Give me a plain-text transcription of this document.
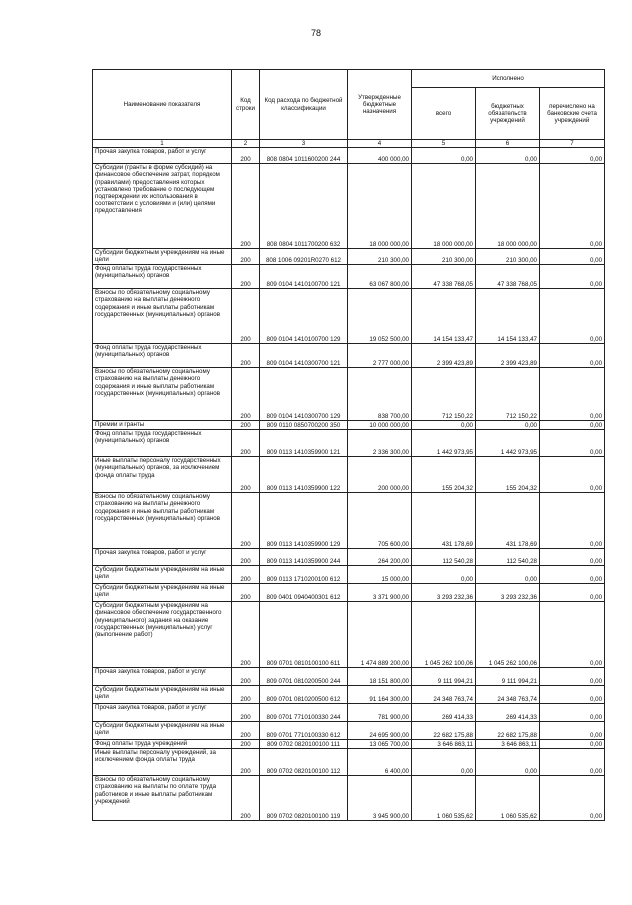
78
Наименование показателя	Код строки	Код расхода по бюджетной классификации	Утвержденные бюджетные назначения	Исполнено		
				всего	бюджетных обязательств учреждений	перечислено на банковские счета учреждений
1	2	3	4	5	6	7
Прочая закупка товаров, работ и услуг	200	808 0804 1011600200 244	400 000,00	0,00	0,00	0,00
Субсидии (гранты в форме субсидий) на финансовое обеспечение затрат, порядком (правилами) предоставления которых установлено требование о последующем подтверждении их использования в соответствии с условиями и (или) целями предоставления	200	808 0804 1011700200 632	18 000 000,00	18 000 000,00	18 000 000,00	0,00
Субсидии бюджетным учреждениям на иные цели	200	808 1006 09201R0270 612	210 300,00	210 300,00	210 300,00	0,00
Фонд оплаты труда государственных (муниципальных) органов	200	809 0104 1410100700 121	63 067 800,00	47 338 768,05	47 338 768,05	0,00
Взносы по обязательному социальному страхованию на выплаты денежного содержания и иные выплаты работникам государственных (муниципальных) органов	200	809 0104 1410100700 129	19 052 500,00	14 154 133,47	14 154 133,47	0,00
Фонд оплаты труда государственных (муниципальных) органов	200	809 0104 1410300700 121	2 777 000,00	2 399 423,89	2 399 423,89	0,00
Взносы по обязательному социальному страхованию на выплаты денежного содержания и иные выплаты работникам государственных (муниципальных) органов	200	809 0104 1410300700 129	838 700,00	712 150,22	712 150,22	0,00
Премии и гранты	200	809 0110 0850700200 350	10 000 000,00	0,00	0,00	0,00
Фонд оплаты труда государственных (муниципальных) органов	200	809 0113 1410359900 121	2 336 300,00	1 442 973,95	1 442 973,95	0,00
Иные выплаты персоналу государственных (муниципальных) органов, за исключением фонда оплаты труда	200	809 0113 1410359900 122	200 000,00	155 204,32	155 204,32	0,00
Взносы по обязательному социальному страхованию на выплаты денежного содержания и иные выплаты работникам государственных (муниципальных) органов	200	809 0113 1410359900 129	705 600,00	431 178,69	431 178,69	0,00
Прочая закупка товаров, работ и услуг	200	809 0113 1410359900 244	264 200,00	112 540,28	112 540,28	0,00
Субсидии бюджетным учреждениям на иные цели	200	809 0113 1710200100 612	15 000,00	0,00	0,00	0,00
Субсидии бюджетным учреждениям на иные цели	200	809 0401 0940400301 612	3 371 900,00	3 293 232,36	3 293 232,36	0,00
Субсидии бюджетным учреждениям на финансовое обеспечение государственного (муниципального) задания на оказание государственных (муниципальных) услуг (выполнение работ)	200	809 0701 0810100100 611	1 474 889 200,00	1 045 262 100,06	1 045 262 100,06	0,00
Прочая закупка товаров, работ и услуг	200	809 0701 0810200500 244	18 151 800,00	9 111 994,21	9 111 994,21	0,00
Субсидии бюджетным учреждениям на иные цели	200	809 0701 0810200500 612	91 164 300,00	24 348 763,74	24 348 763,74	0,00
Прочая закупка товаров, работ и услуг	200	809 0701 7710100330 244	781 900,00	269 414,33	269 414,33	0,00
Субсидии бюджетным учреждениям на иные цели	200	809 0701 7710100330 612	24 695 900,00	22 682 175,88	22 682 175,88	0,00
Фонд оплаты труда учреждений	200	809 0702 0820100100 111	13 065 700,00	3 646 863,11	3 646 863,11	0,00
Иные выплаты персоналу учреждений, за исключением фонда оплаты труда	200	809 0702 0820100100 112	6 400,00	0,00	0,00	0,00
Взносы по обязательному социальному страхованию на выплаты по оплате труда работников и иные выплаты работникам учреждений	200	809 0702 0820100100 119	3 945 900,00	1 060 535,62	1 060 535,62	0,00
